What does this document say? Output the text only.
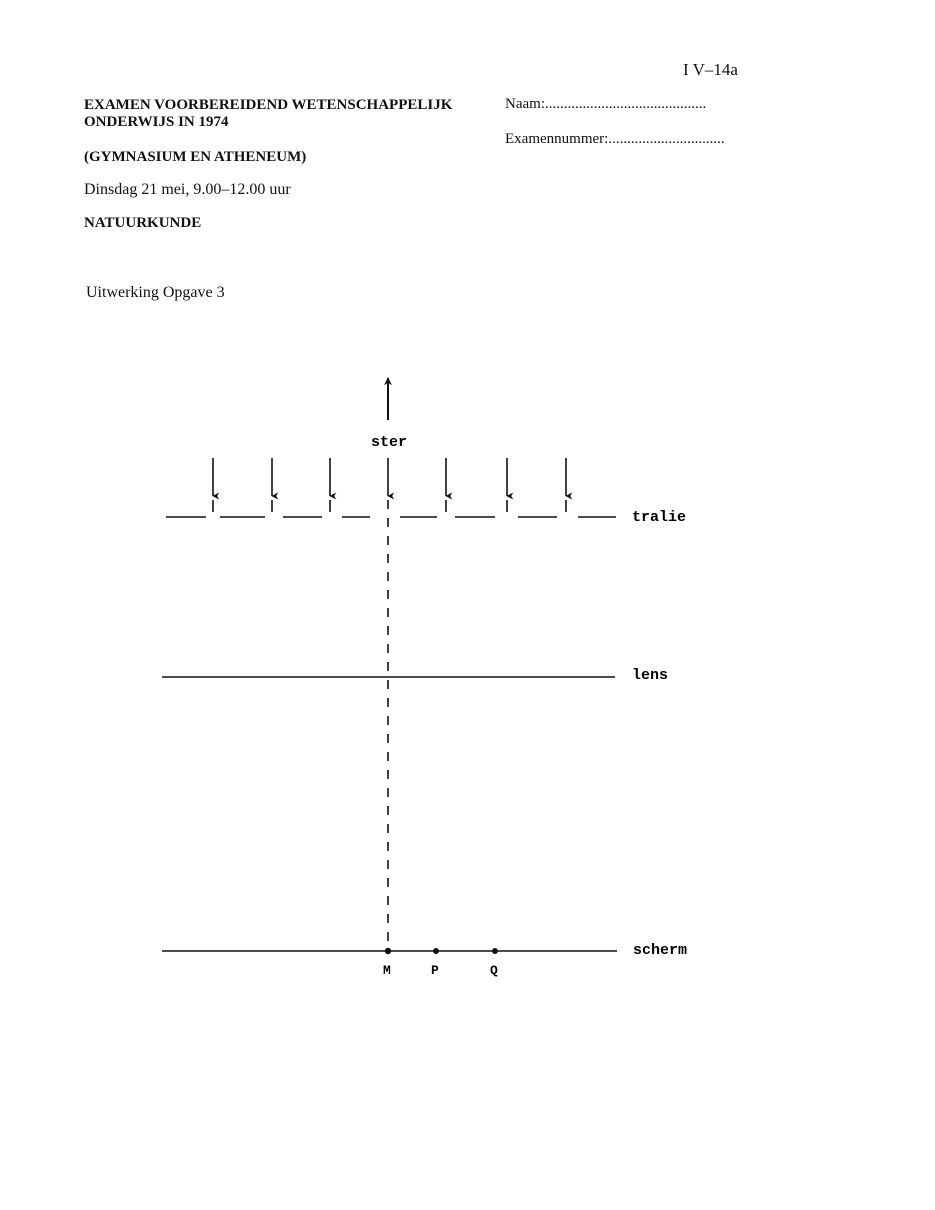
I V–14a
EXAMEN VOORBEREIDEND WETENSCHAPPELIJK
ONDERWIJS IN 1974
(GYMNASIUM EN ATHENEUM)
Dinsdag 21 mei, 9.00–12.00 uur
NATUURKUNDE
Naam:...........................................
Examennummer:...............................
Uitwerking Opgave 3
ster
tralie
lens
scherm
M	P	Q
